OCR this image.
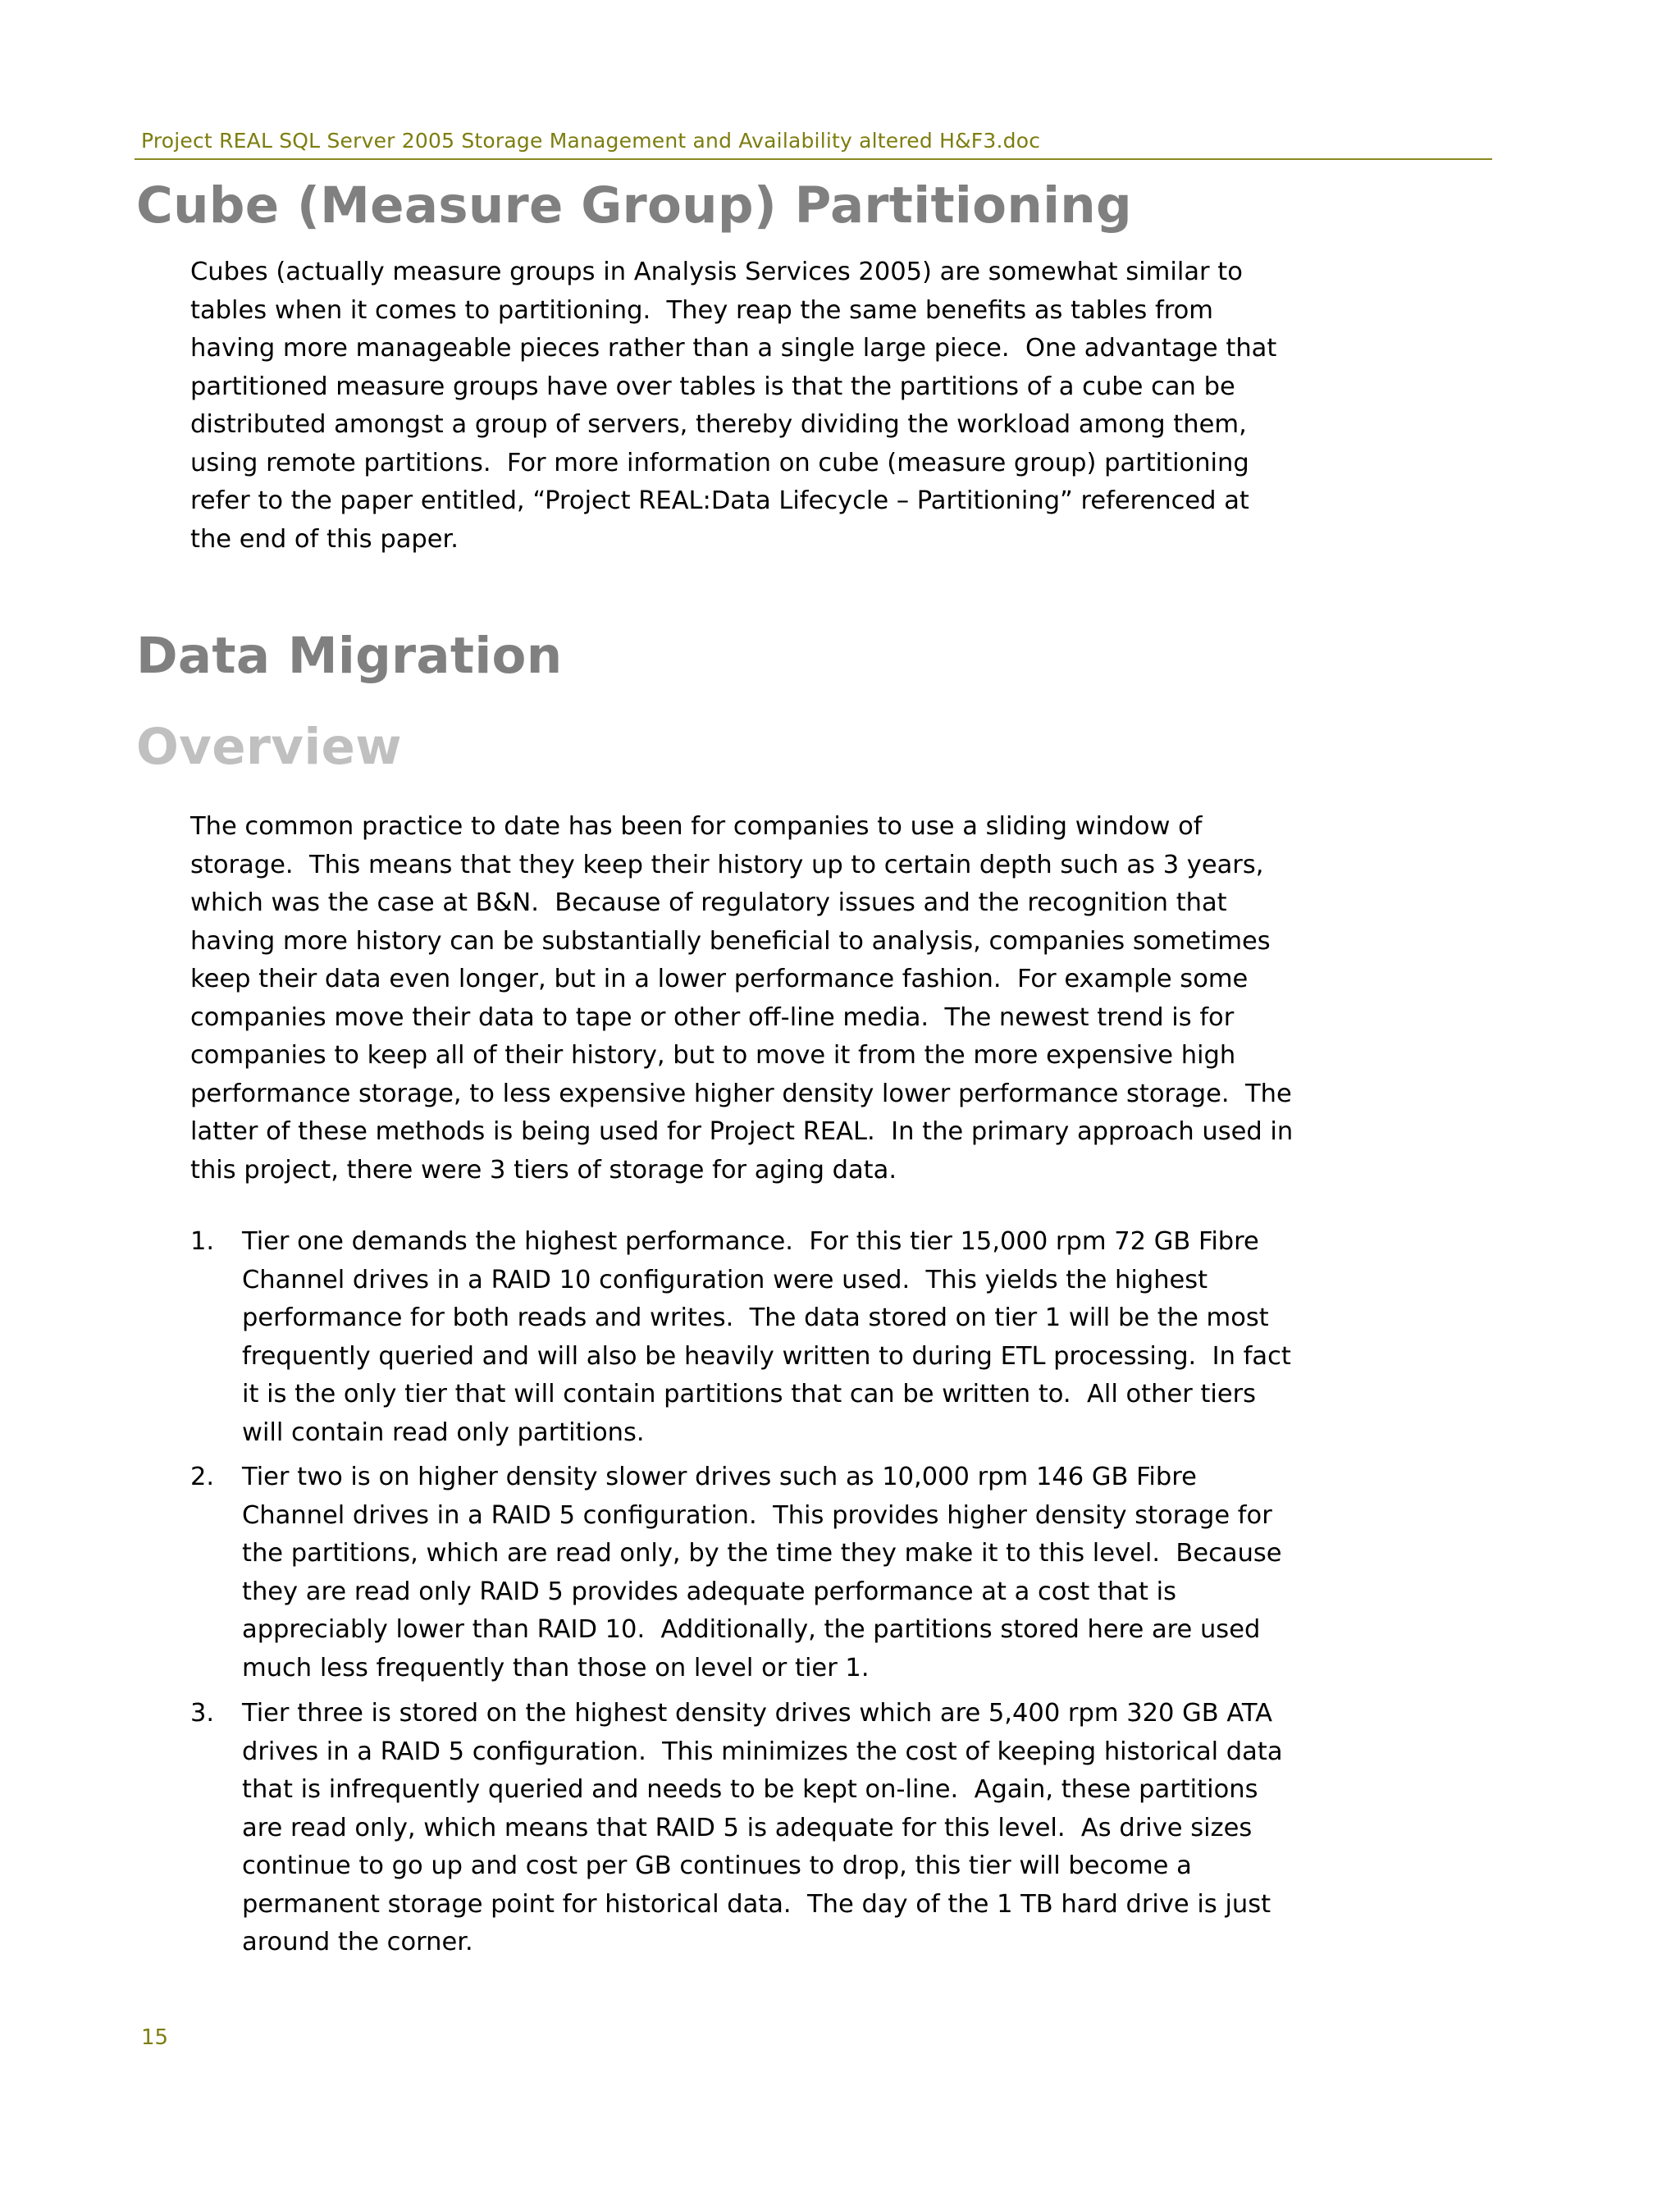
Project REAL SQL Server 2005 Storage Management and Availability altered H&F3.doc
Cube (Measure Group) Partitioning
Cubes (actually measure groups in Analysis Services 2005) are somewhat similar to
tables when it comes to partitioning.  They reap the same benefits as tables from
having more manageable pieces rather than a single large piece.  One advantage that
partitioned measure groups have over tables is that the partitions of a cube can be
distributed amongst a group of servers, thereby dividing the workload among them,
using remote partitions.  For more information on cube (measure group) partitioning
refer to the paper entitled, “Project REAL:Data Lifecycle – Partitioning” referenced at
the end of this paper.
Data Migration
Overview
The common practice to date has been for companies to use a sliding window of
storage.  This means that they keep their history up to certain depth such as 3 years,
which was the case at B&N.  Because of regulatory issues and the recognition that
having more history can be substantially beneficial to analysis, companies sometimes
keep their data even longer, but in a lower performance fashion.  For example some
companies move their data to tape or other off-line media.  The newest trend is for
companies to keep all of their history, but to move it from the more expensive high
performance storage, to less expensive higher density lower performance storage.  The
latter of these methods is being used for Project REAL.  In the primary approach used in
this project, there were 3 tiers of storage for aging data.
1.	Tier one demands the highest performance.  For this tier 15,000 rpm 72 GB Fibre
Channel drives in a RAID 10 configuration were used.  This yields the highest
performance for both reads and writes.  The data stored on tier 1 will be the most
frequently queried and will also be heavily written to during ETL processing.  In fact
it is the only tier that will contain partitions that can be written to.  All other tiers
will contain read only partitions.
2.	Tier two is on higher density slower drives such as 10,000 rpm 146 GB Fibre
Channel drives in a RAID 5 configuration.  This provides higher density storage for
the partitions, which are read only, by the time they make it to this level.  Because
they are read only RAID 5 provides adequate performance at a cost that is
appreciably lower than RAID 10.  Additionally, the partitions stored here are used
much less frequently than those on level or tier 1.
3.	Tier three is stored on the highest density drives which are 5,400 rpm 320 GB ATA
drives in a RAID 5 configuration.  This minimizes the cost of keeping historical data
that is infrequently queried and needs to be kept on-line.  Again, these partitions
are read only, which means that RAID 5 is adequate for this level.  As drive sizes
continue to go up and cost per GB continues to drop, this tier will become a
permanent storage point for historical data.  The day of the 1 TB hard drive is just
around the corner.
15
